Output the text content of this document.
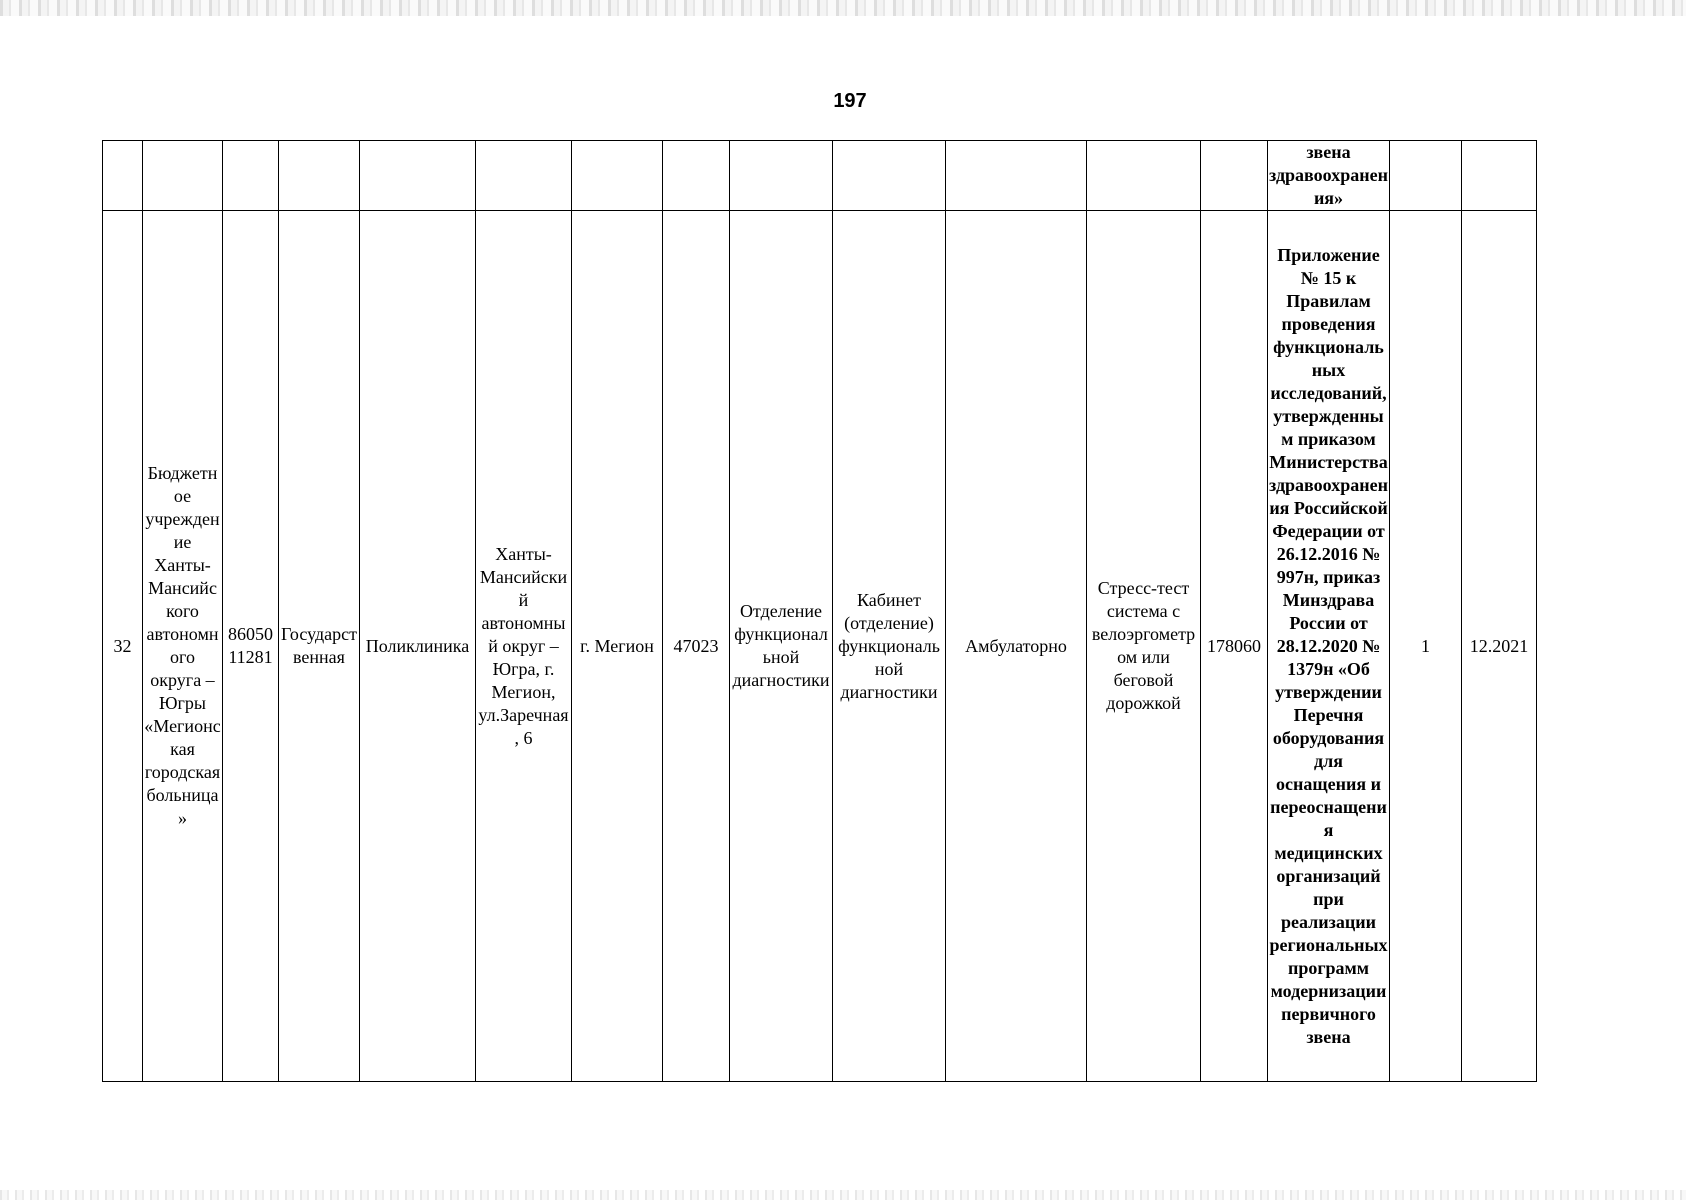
197
													звена здравоохранения»		
32	Бюджетное учреждение Ханты-Мансийского автономного округа – Югры «Мегионская городская больница»	8605011281	Государственная	Поликлиника	Ханты-Мансийский автономный округ – Югра, г. Мегион, ул.Заречная, 6	г. Мегион	47023	Отделение функциональной диагностики	Кабинет (отделение) функциональной диагностики	Амбулаторно	Стресс-тест система с велоэргометром или беговой дорожкой	178060	Приложение № 15 к Правилам проведения функциональных исследований, утвержденным приказом Министерства здравоохранения Российской Федерации от 26.12.2016 № 997н, приказ Минздрава России от 28.12.2020 № 1379н «Об утверждении Перечня оборудования для оснащения и переоснащения медицинских организаций при реализации региональных программ модернизации первичного звена	1	12.2021
